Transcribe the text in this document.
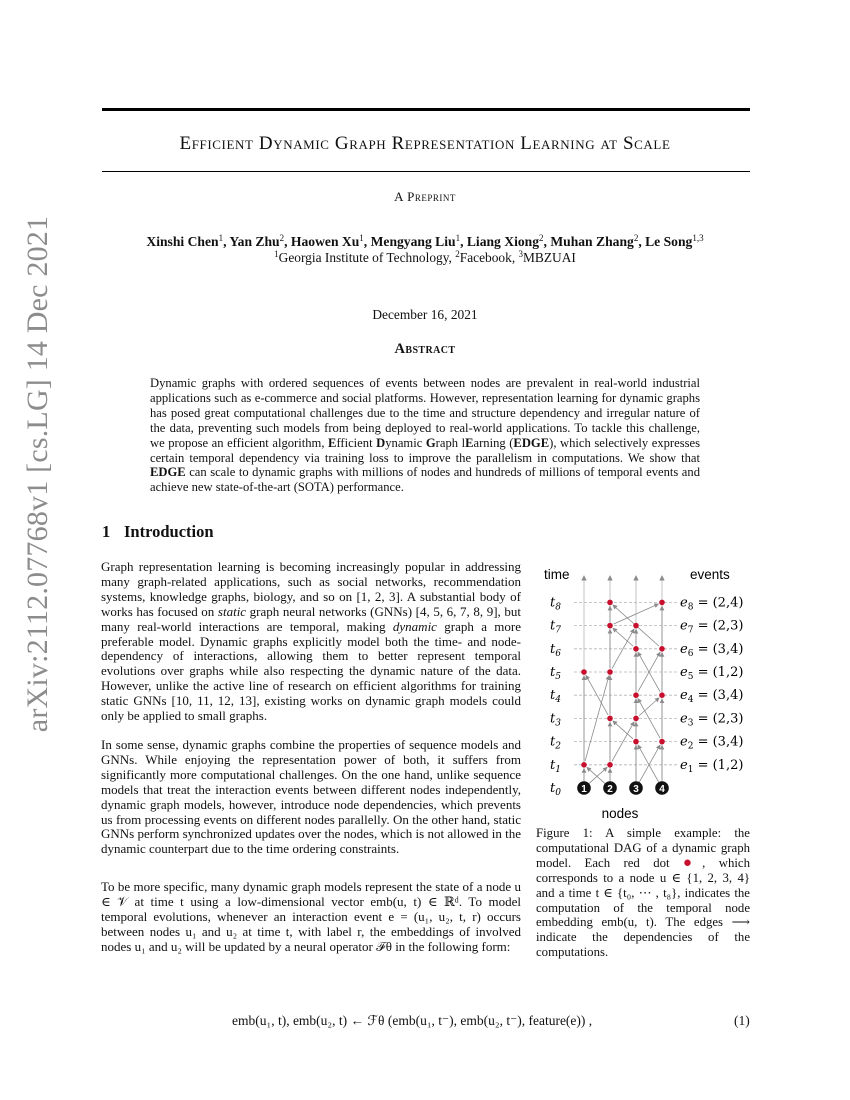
arXiv:2112.07768v1 [cs.LG] 14 Dec 2021
Efficient Dynamic Graph Representation Learning at Scale
A Preprint
Xinshi Chen$^1$, Yan Zhu$^2$, Haowen Xu$^1$, Mengyang Liu$^1$, Liang Xiong$^2$, Muhan Zhang$^2$, Le Song$^{1,3}$
$^1$Georgia Institute of Technology, $^2$Facebook, $^3$MBZUAI
December 16, 2021
Abstract
Dynamic graphs with ordered sequences of events between nodes are prevalent in real-world industrial applications such as e-commerce and social platforms. However, representation learning for dynamic graphs has posed great computational challenges due to the time and structure dependency and irregular nature of the data, preventing such models from being deployed to real-world applications. To tackle this challenge, we propose an efficient algorithm, Efficient Dynamic Graph lEarning (EDGE), which selectively expresses certain temporal dependency via training loss to improve the parallelism in computations. We show that EDGE can scale to dynamic graphs with millions of nodes and hundreds of millions of temporal events and achieve new state-of-the-art (SOTA) performance.
1 Introduction
Graph representation learning is becoming increasingly popular in addressing many graph-related applications, such as social networks, recommendation systems, knowledge graphs, biology, and so on [1, 2, 3]. A substantial body of works has focused on static graph neural networks (GNNs) [4, 5, 6, 7, 8, 9], but many real-world interactions are temporal, making dynamic graph a more preferable model. Dynamic graphs explicitly model both the time- and node-dependency of interactions, allowing them to better represent temporal evolutions over graphs while also respecting the dynamic nature of the data. However, unlike the active line of research on efficient algorithms for training static GNNs [10, 11, 12, 13], existing works on dynamic graph models could only be applied to small graphs.
In some sense, dynamic graphs combine the properties of sequence models and GNNs. While enjoying the representation power of both, it suffers from significantly more computational challenges. On the one hand, unlike sequence models that treat the interaction events between different nodes independently, dynamic graph models, however, introduce node dependencies, which prevents us from processing events on different nodes parallelly. On the other hand, static GNNs perform synchronized updates over the nodes, which is not allowed in the dynamic counterpart due to the time ordering constraints.
To be more specific, many dynamic graph models represent the state of a node u ∈ 𝒱 at time t using a low-dimensional vector emb(u, t) ∈ ℝᵈ. To model temporal evolutions, whenever an interaction event e = (u₁, u₂, t, r) occurs between nodes u₁ and u₂ at time t, with label r, the embeddings of involved nodes u₁ and u₂ will be updated by a neural operator ℱθ in the following form:
time	events
$t_8$
$t_7$
$t_6$
$t_5$
$t_4$
$t_3$
$t_2$
$t_1$
$t_0$
$e_8 = (2,4)$
$e_7 = (2,3)$
$e_6 = (3,4)$
$e_5 = (1,2)$
$e_4 = (3,4)$
$e_3 = (2,3)$
$e_2 = (3,4)$
$e_1 = (1,2)$
1 2 3 4
nodes
Figure 1: A simple example: the computational DAG of a dynamic graph model. Each red dot ●, which corresponds to a node u ∈ {1, 2, 3, 4} and a time t ∈ {t₀, ⋯ , t₈}, indicates the computation of the temporal node embedding emb(u, t). The edges ⟶ indicate the dependencies of the computations.
emb(u₁, t), emb(u₂, t) ← ℱθ (emb(u₁, t⁻), emb(u₂, t⁻), feature(e)) ,	(1)
